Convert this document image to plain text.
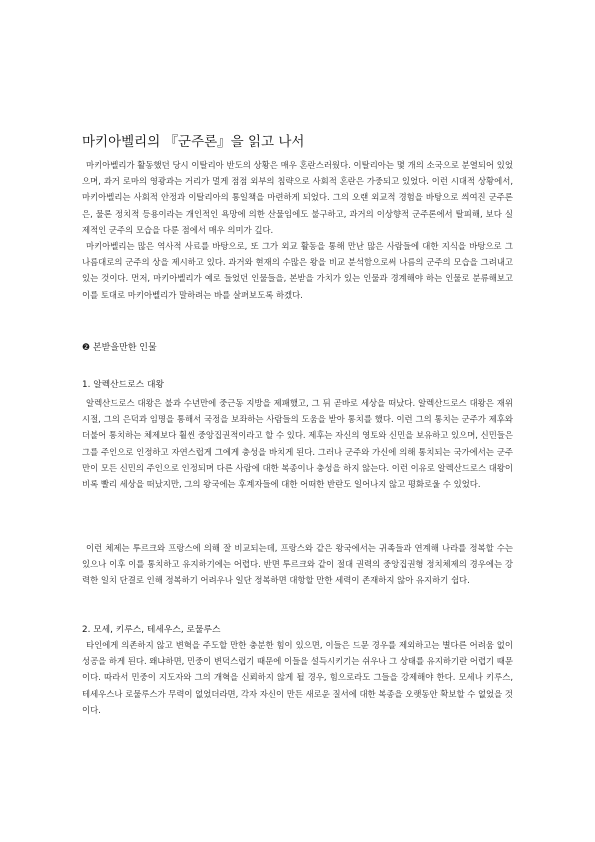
마키아벨리의 『군주론』을 읽고 나서

마키아벨리가 활동했던 당시 이탈리아 반도의 상황은 매우 혼란스러웠다. 이탈리아는 몇 개의 소국으로 분열되어 있었으며, 과거 로마의 영광과는 거리가 멀게 점점 외부의 침략으로 사회적 혼란은 가중되고 있었다. 이런 시대적 상황에서, 마키아벨리는 사회적 안정과 이탈리아의 통일책을 마련하게 되었다. 그의 오랜 외교적 경험을 바탕으로 씌여진 군주론은, 물론 정치적 등용이라는 개인적인 욕망에 의한 산물임에도 불구하고, 과거의 이상향적 군주론에서 탈피해, 보다 실제적인 군주의 모습을 다룬 점에서 매우 의미가 깊다.

마키아벨리는 많은 역사적 사료를 바탕으로, 또 그가 외교 활동을 통해 만난 많은 사람들에 대한 지식을 바탕으로 그 나름대로의 군주의 상을 제시하고 있다. 과거와 현재의 수많은 왕을 비교 분석함으로써 나름의 군주의 모습을 그려내고 있는 것이다. 먼저, 마키아벨리가 예로 들었던 인물들을, 본받을 가치가 있는 인물과 경계해야 하는 인물로 분류해보고 이를 토대로 마키아벨리가 말하려는 바를 살펴보도록 하겠다.

❷ 본받을만한 인물
1. 알렉산드로스 대왕

알렉산드로스 대왕은 불과 수년만에 중근동 지방을 제패했고, 그 뒤 곧바로 세상을 떠났다. 알렉산드로스 대왕은 재위시절, 그의 은덕과 임명을 통해서 국정을 보좌하는 사람들의 도움을 받아 통치를 했다. 이런 그의 통치는 군주가 제후와 더불어 통치하는 체제보다 훨씬 중앙집권적이라고 할 수 있다. 제후는 자신의 영토와 신민을 보유하고 있으며, 신민들은 그를 주인으로 인정하고 자연스럽게 그에게 충성을 바치게 된다. 그러나 군주와 가신에 의해 통치되는 국가에서는 군주만이 모든 신민의 주인으로 인정되며 다른 사람에 대한 복종이나 충성을 하지 않는다. 이런 이유로 알렉산드로스 대왕이 비록 빨리 세상을 떠났지만, 그의 왕국에는 후계자들에 대한 어떠한 반란도 일어나지 않고 평화로울 수 있었다.

이런 체제는 투르크와 프랑스에 의해 잘 비교되는데, 프랑스와 같은 왕국에서는 귀족들과 연계해 나라를 정복할 수는 있으나 이후 이를 통치하고 유지하기에는 어렵다. 반면 투르크와 같이 절대 권력의 중앙집권형 정치체제의 경우에는 강력한 일치 단결로 인해 정복하기 어려우나 일단 정복하면 대항할 만한 세력이 존재하지 않아 유지하기 쉽다.

2. 모세, 키루스, 테세우스, 로물루스

타인에게 의존하지 않고 변혁을 주도할 만한 충분한 힘이 있으면, 이들은 드문 경우를 제외하고는 별다른 어려움 없이 성공을 하게 된다. 왜냐하면, 민중이 변덕스럽기 때문에 이들을 설득시키기는 쉬우나 그 상태를 유지하기란 어렵기 때문이다. 따라서 민중이 지도자와 그의 개혁을 신뢰하지 않게 될 경우, 힘으로라도 그들을 강제해야 한다. 모세나 키루스, 테세우스나 로물루스가 무력이 없었더라면, 각자 자신이 만든 새로운 질서에 대한 복종을 오랫동안 확보할 수 없었을 것이다.
